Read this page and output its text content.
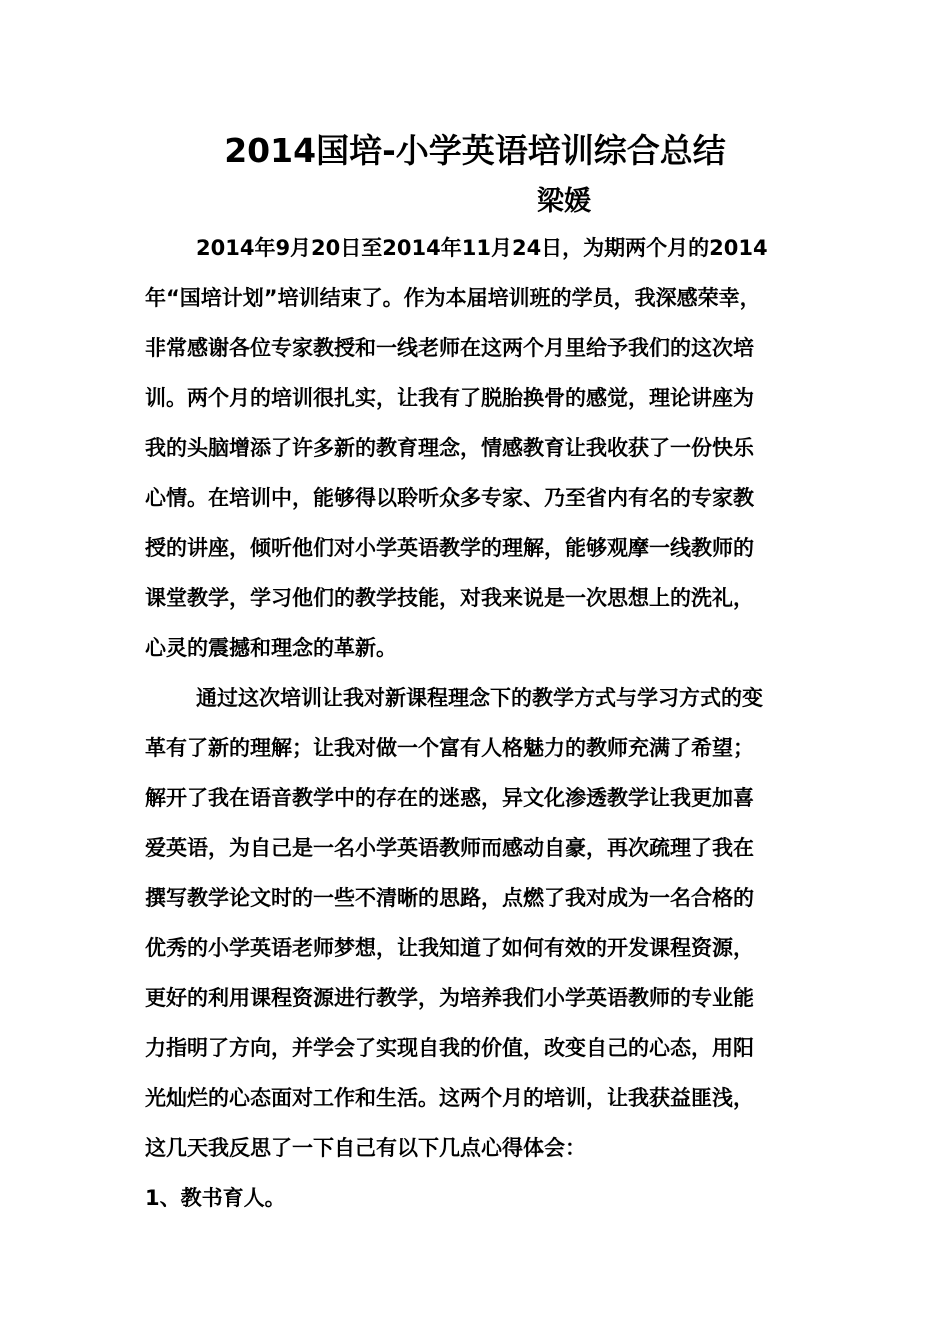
2014国培-小学英语培训综合总结
梁媛
2014年9月20日至2014年11月24日，为期两个月的2014
年“国培计划”培训结束了。作为本届培训班的学员，我深感荣幸，
非常感谢各位专家教授和一线老师在这两个月里给予我们的这次培
训。两个月的培训很扎实，让我有了脱胎换骨的感觉，理论讲座为
我的头脑增添了许多新的教育理念，情感教育让我收获了一份快乐
心情。在培训中，能够得以聆听众多专家、乃至省内有名的专家教
授的讲座，倾听他们对小学英语教学的理解，能够观摩一线教师的
课堂教学，学习他们的教学技能，对我来说是一次思想上的洗礼，
心灵的震撼和理念的革新。
通过这次培训让我对新课程理念下的教学方式与学习方式的变
革有了新的理解；让我对做一个富有人格魅力的教师充满了希望；
解开了我在语音教学中的存在的迷惑，异文化渗透教学让我更加喜
爱英语，为自己是一名小学英语教师而感动自豪，再次疏理了我在
撰写教学论文时的一些不清晰的思路，点燃了我对成为一名合格的
优秀的小学英语老师梦想，让我知道了如何有效的开发课程资源，
更好的利用课程资源进行教学，为培养我们小学英语教师的专业能
力指明了方向，并学会了实现自我的价值，改变自己的心态，用阳
光灿烂的心态面对工作和生活。这两个月的培训，让我获益匪浅，
这几天我反思了一下自己有以下几点心得体会：
1、教书育人。
